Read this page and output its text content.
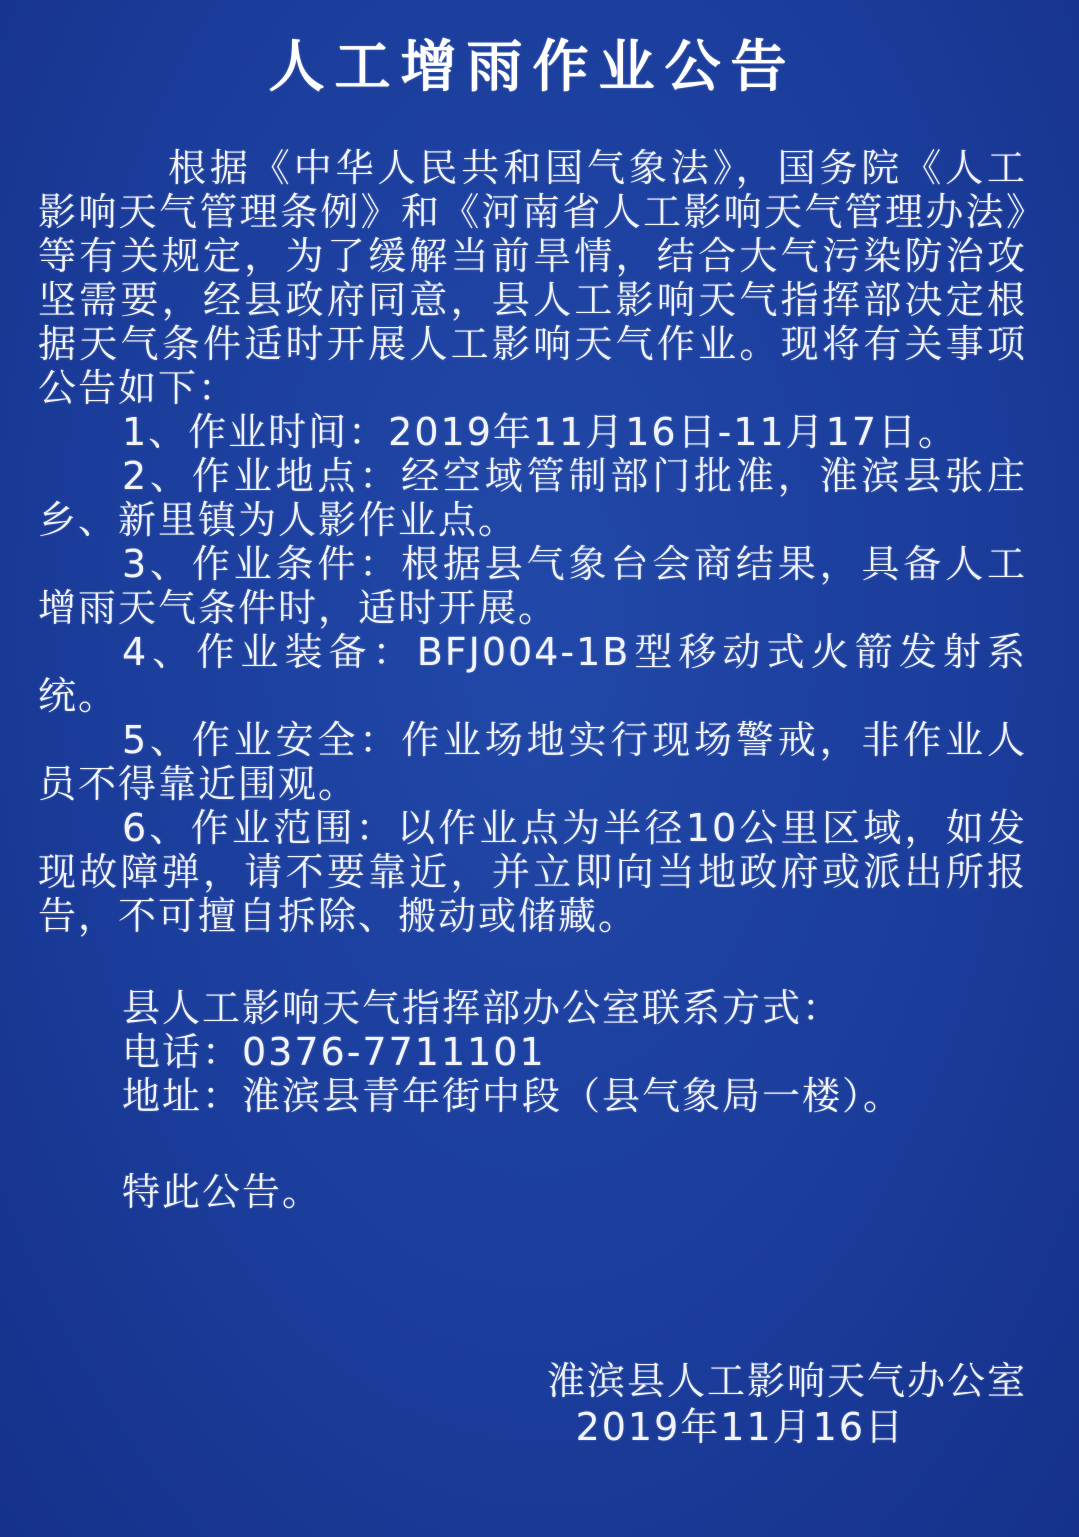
人工增雨作业公告

根据《中华人民共和国气象法》，国务院《人工影响天气管理条例》和《河南省人工影响天气管理办法》等有关规定，为了缓解当前旱情，结合大气污染防治攻坚需要，经县政府同意，县人工影响天气指挥部决定根据天气条件适时开展人工影响天气作业。现将有关事项公告如下：

1、作业时间：2019年11月16日-11月17日。

2、作业地点：经空域管制部门批准，淮滨县张庄乡、新里镇为人影作业点。

3、作业条件：根据县气象台会商结果，具备人工增雨天气条件时，适时开展。

4、作业装备：BFJ004-1B型移动式火箭发射系统。

5、作业安全：作业场地实行现场警戒，非作业人员不得靠近围观。

6、作业范围：以作业点为半径10公里区域，如发现故障弹，请不要靠近，并立即向当地政府或派出所报告，不可擅自拆除、搬动或储藏。

县人工影响天气指挥部办公室联系方式：
电话：0376-7711101
地址：淮滨县青年街中段（县气象局一楼）。
特此公告。
淮滨县人工影响天气办公室
2019年11月16日
